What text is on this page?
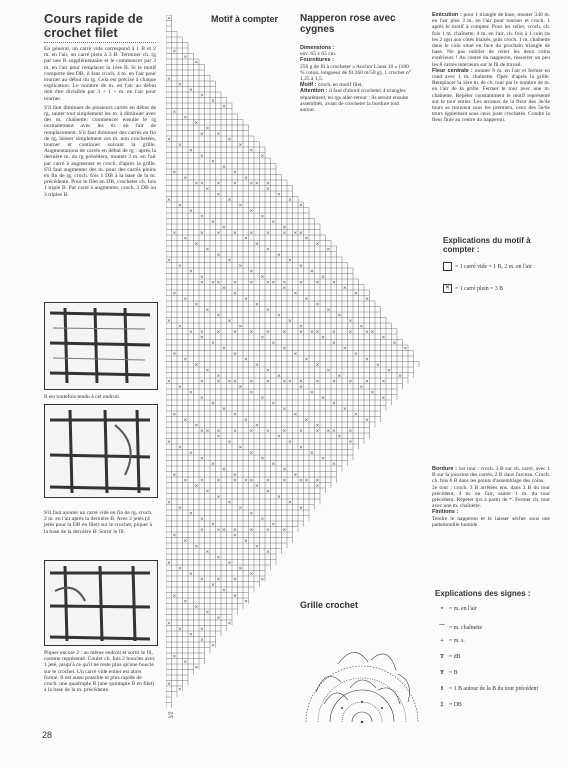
Cours rapide de crochet filet

En général, un carré vide correspond à 1 B et 2 m. en l'air, un carré plein à 3 B. Terminer ch. rg par une B supplémentaire et le commencer par 3 m. en l'air pour remplacer la 1ère B. Si le motif comporte des DB, il faut croch. 4 m. en l'air pour tourner au début du rg. Cela est précisé à chaque explication. Le nombre de m. en l'air au début doit être divisible par 3 + 1 + m. en l'air pour tourner.

S'il faut diminuer de plusieurs carrés en début de rg, sauter tout simplement les m. à diminuer avec des m. chaînette; commencer ensuite le rg normalement avec les m. en l'air de remplacement. S'il faut diminuer des carrés en fin de rg, laisser simplement ces m. non crochetées, tourner et continuer suivant la grille. Augmentations de carrés en début de rg : après la dernière m. du rg précédent, monter 3 m. en l'air par carré à augmenter et croch. d'après la grille. S'il faut augmenter des m. pour des carrés pleins en fin de rg, croch. fois 1 DB à la base de la m. précédente. Pour le filet en DB, crocheter ch. fois 1 triple B. Par carré à augmenter, croch. 3 DB ou 3 triples B.

Il est toutefois tendu à cet endroit.

S'il faut ajouter un carré vide en fin de rg, croch. 2 m. en l'air après la dernière B. Avec 2 jetés (4 jetés pour la DB en filet) sur le crochet, piquer à la base de la dernière B. Sortir le fil.

Piquer encore 2 : au même endroit et sortir le fil, comme représenté. Couler ch. fois 2 boucles avec 1 jeté, jusqu'à ce qu'il ne reste plus qu'une boucle sur le crochet. Un carré vide entier est alors formé. Il est aussi possible et plus rapide de croch. une quadruple B (une quintuple B en filet) à la base de la m. précédente.

28
Motif à compter
×
×
×
×
×
×
×
×
×
×
×
×
×
×
×	×
×	×
×	×
×	×
×	×
×
×
×	×
×	×
× ×	×	×	× × ×
×	×
×	×
×	×	×
×	×	×
×	×
×	×
×	×
×	×
×	×	×	×	×	×	× × ×
×	×	×
×	×	×
×	×	×
×	×
×	×	×
×	×	×
×	×	×
×	×	×
× × ×	×	×	× × ×	×	×	×
×	×	×
×	×	×	×
×	×	×	×
×	×	×
×	×	×
×	×	×
×	×	×	×
×	×	×	×
× ×	×	×	×	×	×	× × ×	×	×	× ×
×	×	×	×
×	×	×	×
×	×	×	×
×	×	×	×
×	×	×	×
×	×	×	×
×	×	×	×
×	×	×	×
×	×	× × ×	×	×	× × ×	×	×	×	×	×
×	×	×	×
×	×	×	×
×	×	×	×
×	×	×
×	×	×
×	×	×	×
×	×	×	×
×	×	×
× × ×	×	×	×	×	×	× × ×	×
×	×	×
×	×	×	×
×	×	×
×	×	×
×	×	×
×	×	×
×	×
×	×	×
×	×	×	× × ×	×	×	× × ×
×	×	×
×	×
×	×
×	×	×
×	×	×
×	×
×	×
×	×
×	× × ×	×	×	×
×	×
×	×
×	×
×	×
×
×	×
×	×
×	×
×	×	×	×
×
×
×	×
×	×
×
×
×
×	×
×	×
×
×
×
×
×
×
×
×
1/2
Napperon rose avec cygnes
Dimensions :
env. 65 x 65 cm.
Fournitures :
250 g de fil à crocheter « Anchor Liana 10 » (100 % coton, longueur de fil 260 m/50 g), 1 crochet n° 1,25 à 1,5.
Motif : croch. en motif filet.
Attention : il faut d'abord crocheter 4 triangles séparément, en rgs aller-retour ; ils seront ensuite assemblés, avant de crocheter la bordure tout autour.
Exécution : pour 1 triangle de base, monter 340 m. en l'air plus 3 m. en l'air pour tourner et croch. 1 après le motif à compter. Pour les relier, croch. ch. fois 1 m. chaînette, 4 m. en l'air, ch. fois à 1 coin (ts les 2 rgs) aux côtés biaisés, puis croch. 1 m. chaînette dans le coin situé en face du prochain triangle de base. Ne pas oublier de relier les deux coins extérieurs ! Au centre du napperon, resserrer un peu les 8 carrés intérieurs sur le fil de travail.
Fleur centrale : monter 8 m. en l'air et fermer en rond avec 1 m. chaînette. Opér. d'après la grille. Remplacer la 1ère m. de ch. tour par le nombre de m. en l'air de la grille. Fermer le tour avec une m. chaînette. Répéter constamment le motif représenté sur le tour entier. Les arceaux de la fleur des 3e/4e tours se trouvent sous les premiers, ceux des 5e/6e tours également sous ceux juste crochetés. Coudre la fleur finie au centre du napperon.
Explications du motif à compter :
= 1 carré vide = 1 B, 2 m. en l'air
✕ = 1 carré plein = 3 B
Bordure : 1er tour : croch. 3 B sur ch. carré, avec 1 B sur la jonction des carrés, 2 B dans l'arceau. Croch. ch. fois 6 B dans les points d'assemblage des coins.
2e tour : croch. 3 B arrêtées ens. dans 3 B du tour précédent, 4 m. en l'air, sauter 1 m. du tour précédent. Répéter tjrs à partir de *. Fermer ch. tour avec une m. chaînette.
Finitions :
Tendre le napperon et le laisser sécher sous une pattemouille humide.
Explications des signes :
• = m. en l'air
⌒ = m. chaînette
+ = m. s.
T = dB
Ŧ = B
Ɨ = 1 B autour de la B du tour précédent
‡ = DB
Grille crochet
